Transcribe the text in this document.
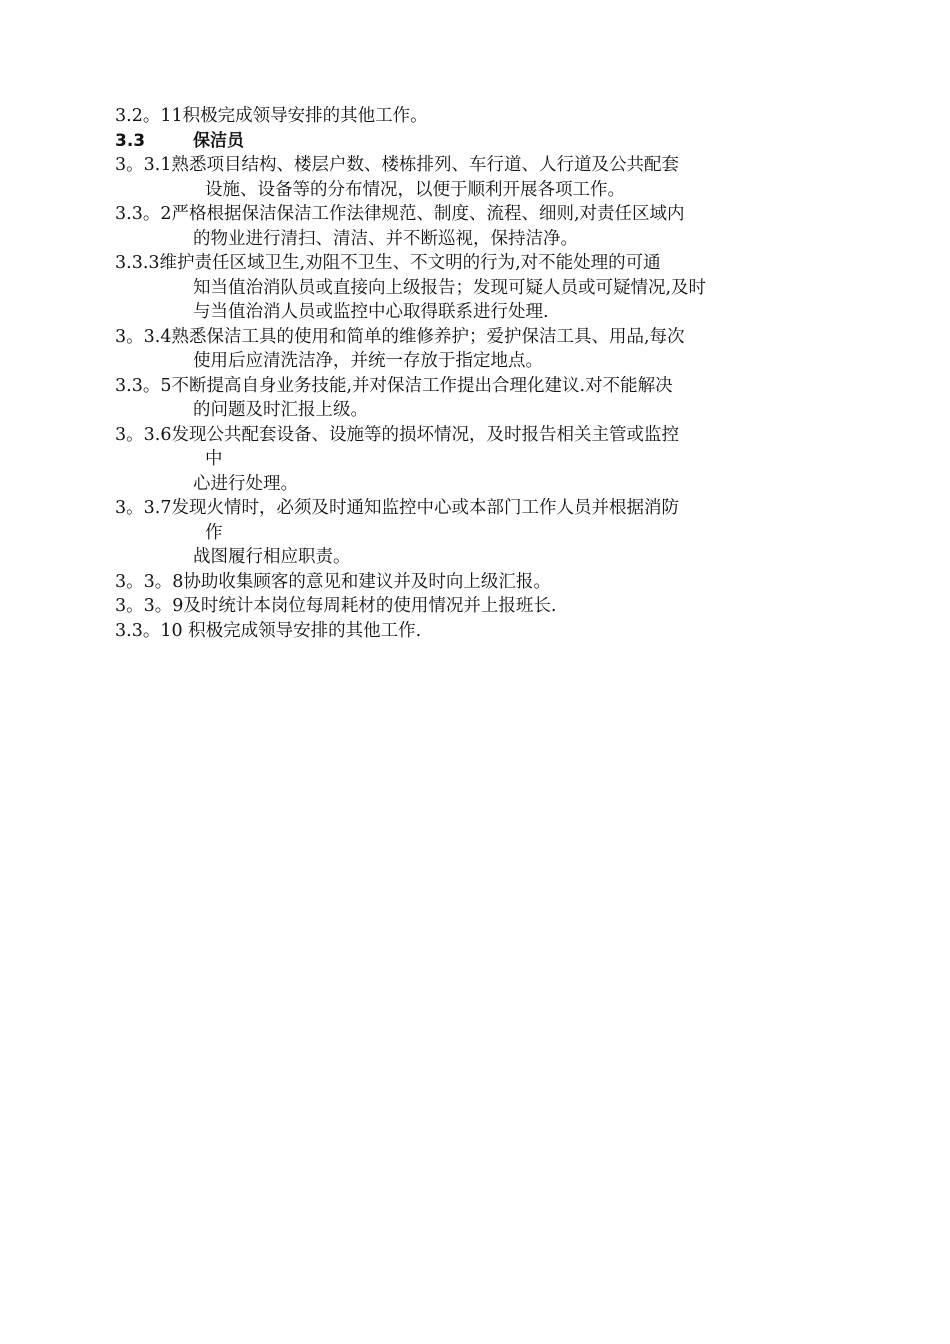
3.2。11积极完成领导安排的其他工作。

3.3	保洁员

3。3.1熟悉项目结构、楼层户数、楼栋排列、车行道、人行道及公共配套
设施、设备等的分布情况，以便于顺利开展各项工作。

3.3。2严格根据保洁保洁工作法律规范、制度、流程、细则,对责任区域内
的物业进行清扫、清洁、并不断巡视，保持洁净。

3.3.3维护责任区域卫生,劝阻不卫生、不文明的行为,对不能处理的可通
知当值治消队员或直接向上级报告；发现可疑人员或可疑情况,及时
与当值治消人员或监控中心取得联系进行处理.

3。3.4熟悉保洁工具的使用和简单的维修养护；爱护保洁工具、用品,每次
使用后应清洗洁净，并统一存放于指定地点。

3.3。5不断提高自身业务技能,并对保洁工作提出合理化建议.对不能解决
的问题及时汇报上级。

3。3.6发现公共配套设备、设施等的损坏情况，及时报告相关主管或监控
中
心进行处理。

3。3.7发现火情时，必须及时通知监控中心或本部门工作人员并根据消防
作
战图履行相应职责。

3。3。8协助收集顾客的意见和建议并及时向上级汇报。

3。3。9及时统计本岗位每周耗材的使用情况并上报班长.

3.3。10 积极完成领导安排的其他工作.
